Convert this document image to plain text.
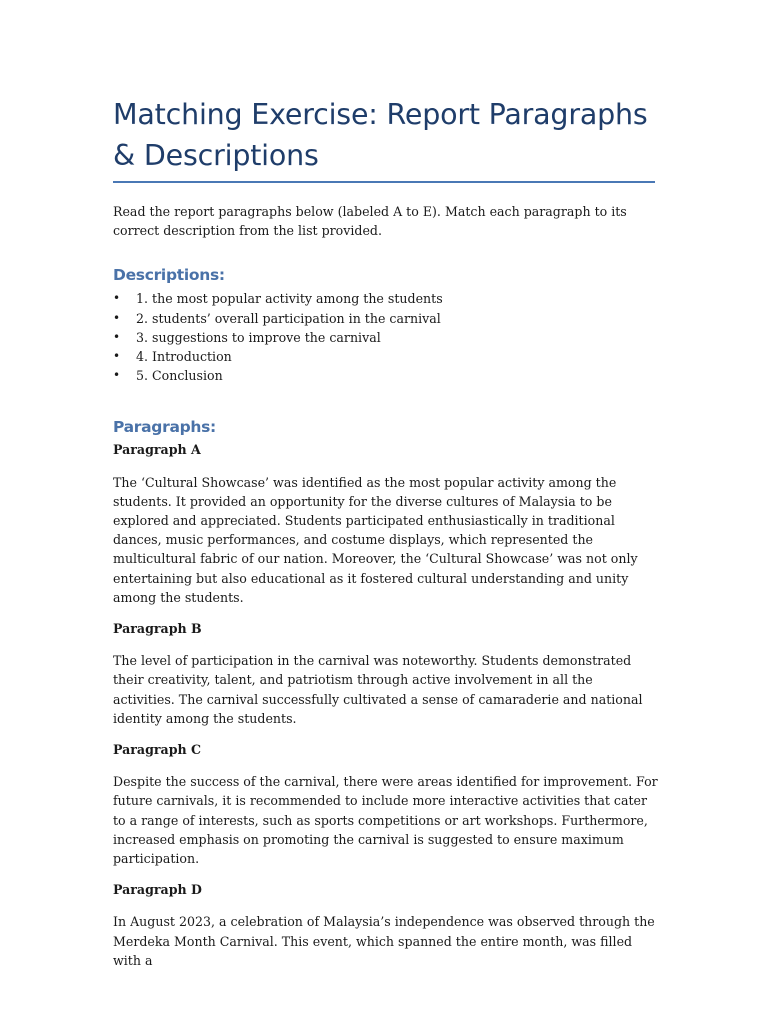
Matching Exercise: Report Paragraphs & Descriptions

Read the report paragraphs below (labeled A to E). Match each paragraph to its correct description from the list provided.

Descriptions:
• 1. the most popular activity among the students
• 2. students’ overall participation in the carnival
• 3. suggestions to improve the carnival
• 4. Introduction
• 5. Conclusion
Paragraphs:

Paragraph A

The ‘Cultural Showcase’ was identified as the most popular activity among the students. It provided an opportunity for the diverse cultures of Malaysia to be explored and appreciated. Students participated enthusiastically in traditional dances, music performances, and costume displays, which represented the multicultural fabric of our nation. Moreover, the ‘Cultural Showcase’ was not only entertaining but also educational as it fostered cultural understanding and unity among the students.

Paragraph B

The level of participation in the carnival was noteworthy. Students demonstrated their creativity, talent, and patriotism through active involvement in all the activities. The carnival successfully cultivated a sense of camaraderie and national identity among the students.

Paragraph C

Despite the success of the carnival, there were areas identified for improvement. For future carnivals, it is recommended to include more interactive activities that cater to a range of interests, such as sports competitions or art workshops. Furthermore, increased emphasis on promoting the carnival is suggested to ensure maximum participation.

Paragraph D

In August 2023, a celebration of Malaysia’s independence was observed through the Merdeka Month Carnival. This event, which spanned the entire month, was filled with a
